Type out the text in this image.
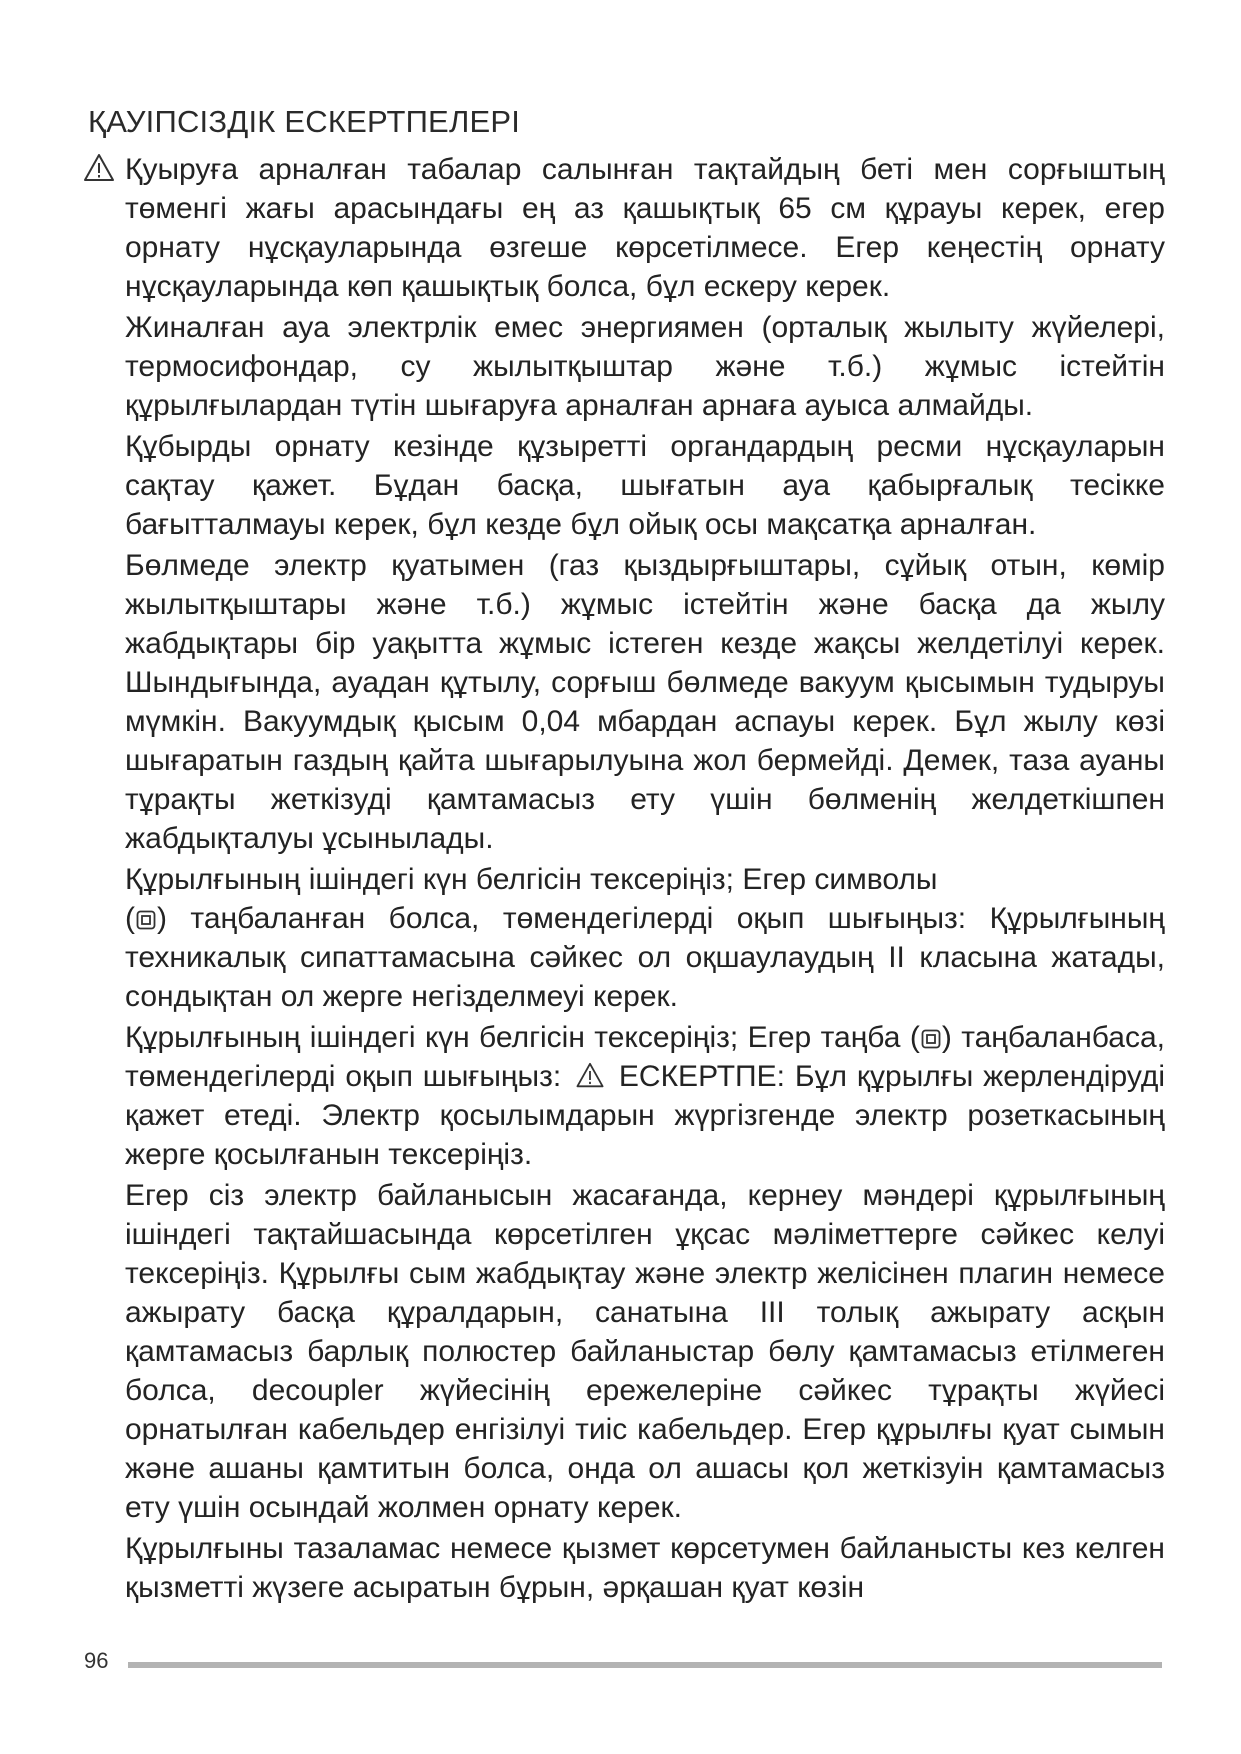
ҚАУІПСІЗДІК ЕСКЕРТПЕЛЕРІ

Қуыруға арналған табалар салынған тақтайдың беті мен сорғыштың төменгі жағы арасындағы ең аз қашықтық 65 см құрауы керек, егер орнату нұсқауларында өзгеше көрсетілмесе. Егер кеңестің орнату нұсқауларында көп қашықтық болса, бұл ескеру керек.

Жиналған ауа электрлік емес энергиямен (орталық жылыту жүйелері, термосифондар, су жылытқыштар және т.б.) жұмыс істейтін құрылғылардан түтін шығаруға арналған арнаға ауыса алмайды.

Құбырды орнату кезінде құзыретті органдардың ресми нұсқауларын сақтау қажет. Бұдан басқа, шығатын ауа қабырғалық тесікке бағытталмауы керек, бұл кезде бұл ойық осы мақсатқа арналған.

Бөлмеде электр қуатымен (газ қыздырғыштары, сұйық отын, көмір жылытқыштары және т.б.) жұмыс істейтін және басқа да жылу жабдықтары бір уақытта жұмыс істеген кезде жақсы желдетілуі керек. Шындығында, ауадан құтылу, сорғыш бөлмеде вакуум қысымын тудыруы мүмкін. Вакуумдық қысым 0,04 мбардан аспауы керек. Бұл жылу көзі шығаратын газдың қайта шығарылуына жол бермейді. Демек, таза ауаны тұрақты жеткізуді қамтамасыз ету үшін бөлменің желдеткішпен жабдықталуы ұсынылады.

Құрылғының ішіндегі күн белгісін тексеріңіз; Егер символы
( ) таңбаланған болса, төмендегілерді оқып шығыңыз: Құрылғының техникалық сипаттамасына сәйкес ол оқшаулаудың II класына жатады, сондықтан ол жерге негізделмеуі керек.

Құрылғының ішіндегі күн белгісін тексеріңіз; Егер таңба ( ) таңбаланбаса, төмендегілерді оқып шығыңыз: ЕСКЕРТПЕ: Бұл құрылғы жерлендіруді қажет етеді. Электр қосылымдарын жүргізгенде электр розеткасының жерге қосылғанын тексеріңіз.

Егер сіз электр байланысын жасағанда, кернеу мәндері құрылғының ішіндегі тақтайшасында көрсетілген ұқсас мәліметтерге сәйкес келуі тексеріңіз. Құрылғы сым жабдықтау және электр желісінен плагин немесе ажырату басқа құралдарын, санатына III толық ажырату асқын қамтамасыз барлық полюстер байланыстар бөлу қамтамасыз етілмеген болса, decoupler жүйесінің ережелеріне сәйкес тұрақты жүйесі орнатылған кабельдер енгізілуі тиіс кабельдер. Егер құрылғы қуат сымын және ашаны қамтитын болса, онда ол ашасы қол жеткізуін қамтамасыз ету үшін осындай жолмен орнату керек.

Құрылғыны тазаламас немесе қызмет көрсетумен байланысты кез келген қызметті жүзеге асыратын бұрын, әрқашан қуат көзін

96
